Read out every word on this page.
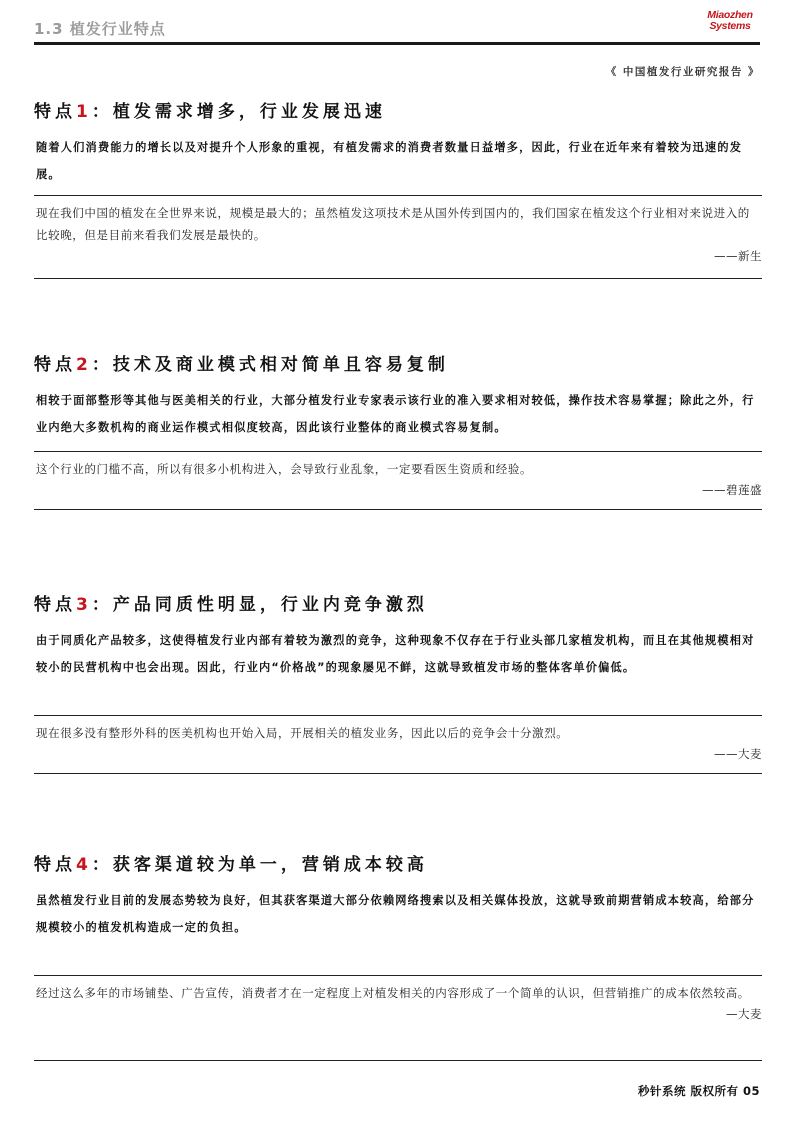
1.3 植发行业特点
Miaozhen
Systems
《 中国植发行业研究报告 》
特点1：植发需求增多，行业发展迅速

随着人们消费能力的增长以及对提升个人形象的重视，有植发需求的消费者数量日益增多，因此，行业在近年来有着较为迅速的发展。

现在我们中国的植发在全世界来说，规模是最大的；虽然植发这项技术是从国外传到国内的，我们国家在植发这个行业相对来说进入的比较晚，但是目前来看我们发展是最快的。

——新生

特点2：技术及商业模式相对简单且容易复制

相较于面部整形等其他与医美相关的行业，大部分植发行业专家表示该行业的准入要求相对较低，操作技术容易掌握；除此之外，行业内绝大多数机构的商业运作模式相似度较高，因此该行业整体的商业模式容易复制。

这个行业的门槛不高，所以有很多小机构进入，会导致行业乱象，一定要看医生资质和经验。

——碧莲盛

特点3：产品同质性明显，行业内竞争激烈

由于同质化产品较多，这使得植发行业内部有着较为激烈的竞争，这种现象不仅存在于行业头部几家植发机构，而且在其他规模相对较小的民营机构中也会出现。因此，行业内“价格战”的现象屡见不鲜，这就导致植发市场的整体客单价偏低。

现在很多没有整形外科的医美机构也开始入局，开展相关的植发业务，因此以后的竞争会十分激烈。

——大麦

特点4：获客渠道较为单一，营销成本较高

虽然植发行业目前的发展态势较为良好，但其获客渠道大部分依赖网络搜索以及相关媒体投放，这就导致前期营销成本较高，给部分规模较小的植发机构造成一定的负担。

经过这么多年的市场铺垫、广告宣传，消费者才在一定程度上对植发相关的内容形成了一个简单的认识，但营销推广的成本依然较高。

—大麦

秒针系统 版权所有 05
